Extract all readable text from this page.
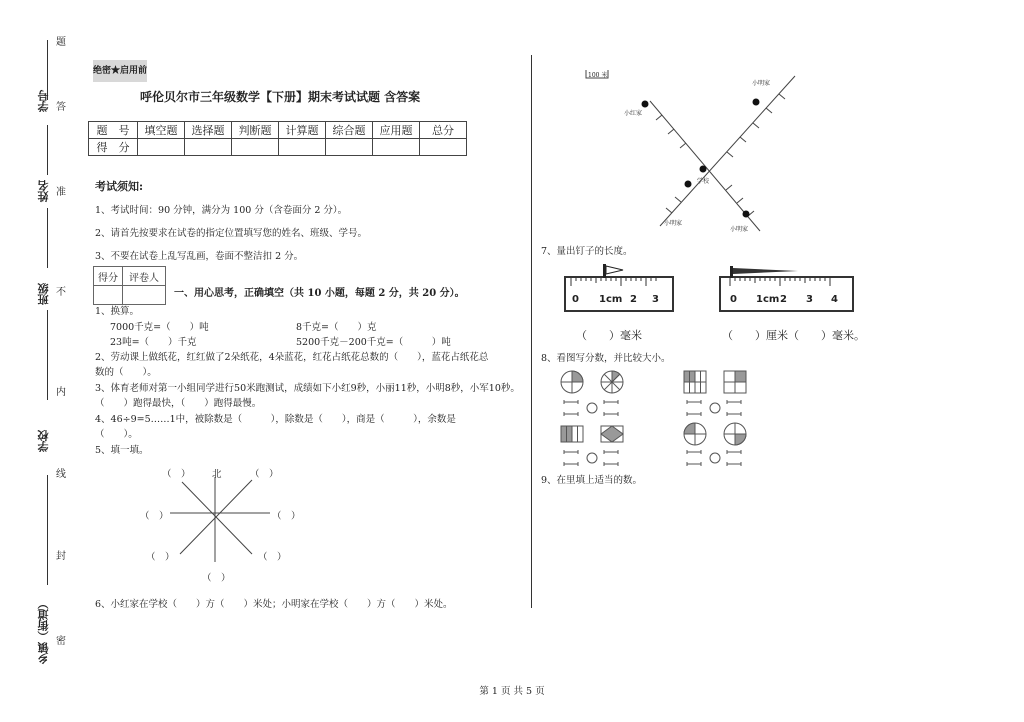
题
学号 答
姓名 准
班级 不
内
学校
线
封
乡镇（街道） 密
绝密★启用前
呼伦贝尔市三年级数学【下册】期末考试试题 含答案
题　号	填空题	选择题	判断题	计算题	综合题	应用题	总分
得　分							
考试须知:
1、考试时间：90 分钟，满分为 100 分（含卷面分 2 分）。
2、请首先按要求在试卷的指定位置填写您的姓名、班级、学号。
3、不要在试卷上乱写乱画，卷面不整洁扣 2 分。
得分	评卷人

一、用心思考，正确填空（共 10 小题，每题 2 分，共 20 分）。
1、换算。
7000千克=（　　）吨	8千克=（　　）克
23吨=（　　）千克	5200千克－200千克=（　　　）吨
2、劳动课上做纸花，红红做了2朵纸花，4朵蓝花，红花占纸花总数的（　　），蓝花占纸花总
数的（　　）。
3、体育老师对第一小组同学进行50米跑测试，成绩如下小红9秒，小丽11秒，小明8秒，小军10秒。
（　　）跑得最快，（　　）跑得最慢。
4、46÷9=5……1中，被除数是（　　　），除数是（　　），商是（　　　），余数是
（　　）。
5、填一填。
（　） 北	（　）
（　）	（　）
（　）	（　）
（　）
6、小红家在学校（　　）方（　　）米处；小明家在学校（　　）方（　　）米处。
100 米
小明家
小红家
学校
小明家
小明家
7、量出钉子的长度。
0 1cm 2 3	0 1cm 2 3 4
（　　）毫米	（　　）厘米（　　）毫米。
8、看图写分数，并比较大小。
9、在里填上适当的数。
第 1 页 共 5 页
